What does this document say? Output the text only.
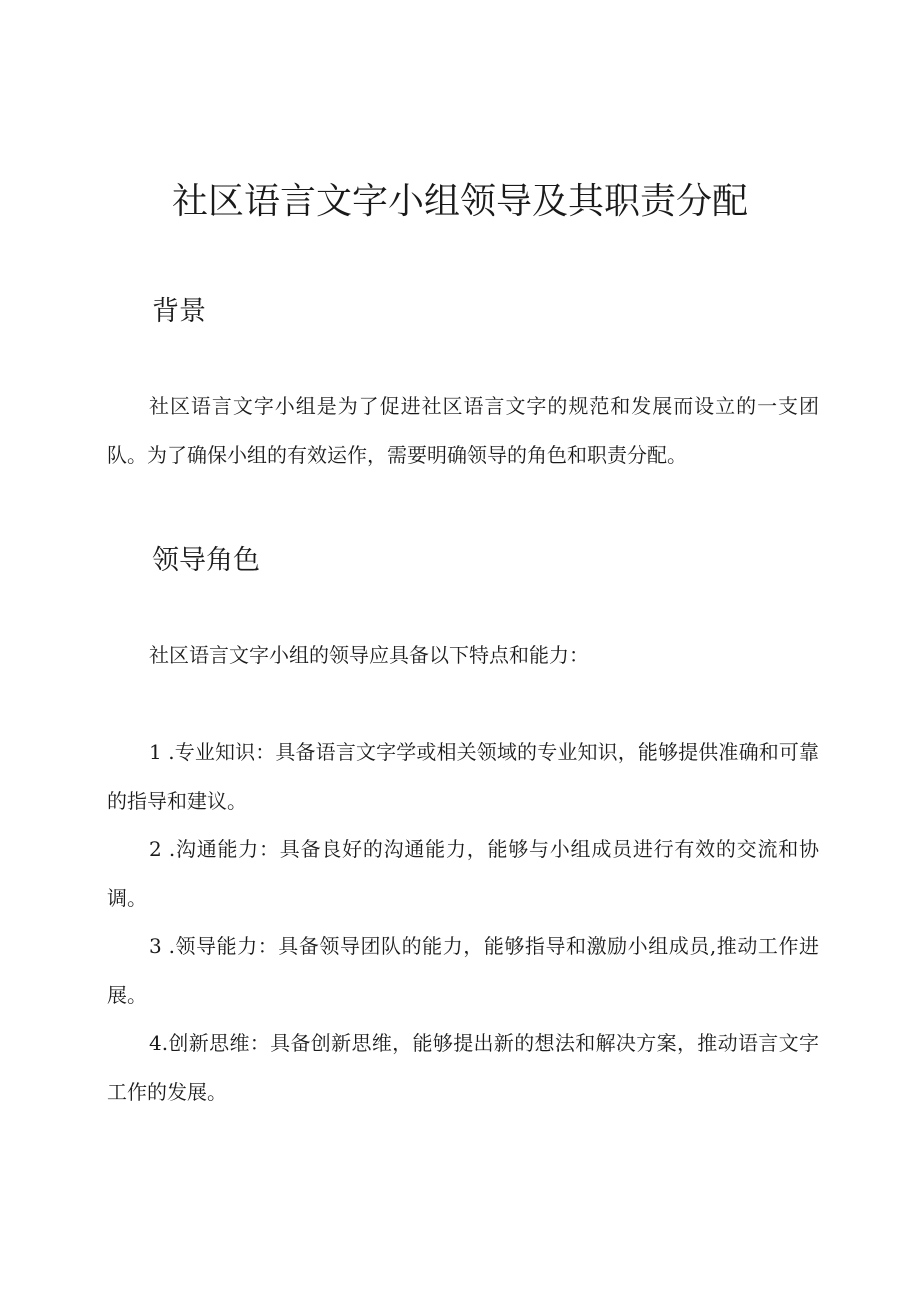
社区语言文字小组领导及其职责分配
背景

社区语言文字小组是为了促进社区语言文字的规范和发展而设立的一支团队。为了确保小组的有效运作，需要明确领导的角色和职责分配。

领导角色

社区语言文字小组的领导应具备以下特点和能力：

1 .专业知识：具备语言文字学或相关领域的专业知识，能够提供准确和可靠的指导和建议。

2 .沟通能力：具备良好的沟通能力，能够与小组成员进行有效的交流和协调。

3 .领导能力：具备领导团队的能力，能够指导和激励小组成员,推动工作进展。

4.创新思维：具备创新思维，能够提出新的想法和解决方案，推动语言文字工作的发展。
